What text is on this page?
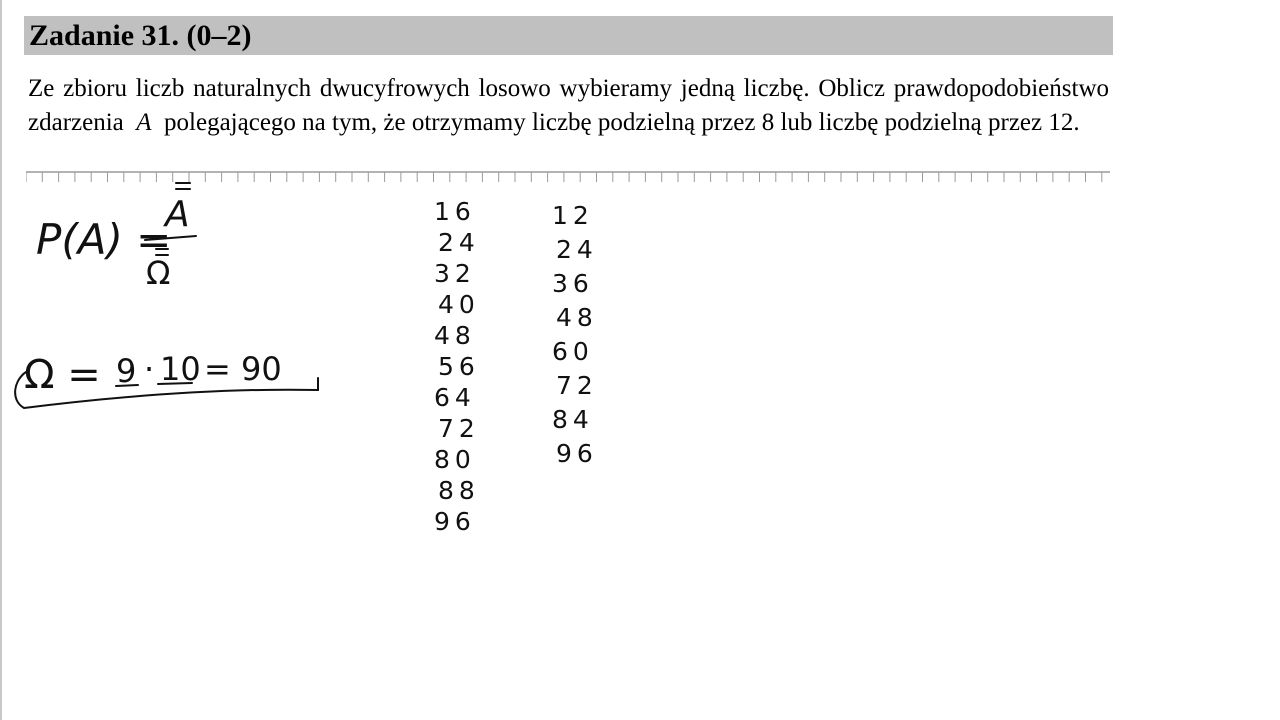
Zadanie 31. (0–2)
Ze zbioru liczb naturalnych dwucyfrowych losowo wybieramy jedną liczbę. Oblicz prawdopodobieństwo zdarzenia A polegającego na tym, że otrzymamy liczbę podzielną przez 8 lub liczbę podzielną przez 12.
P(A) =
A
Ω
Ω = 9 · 10 = 90
16
24
32
40
48
56
64
72
80
88
96
12
24
36
48
60
72
84
96
